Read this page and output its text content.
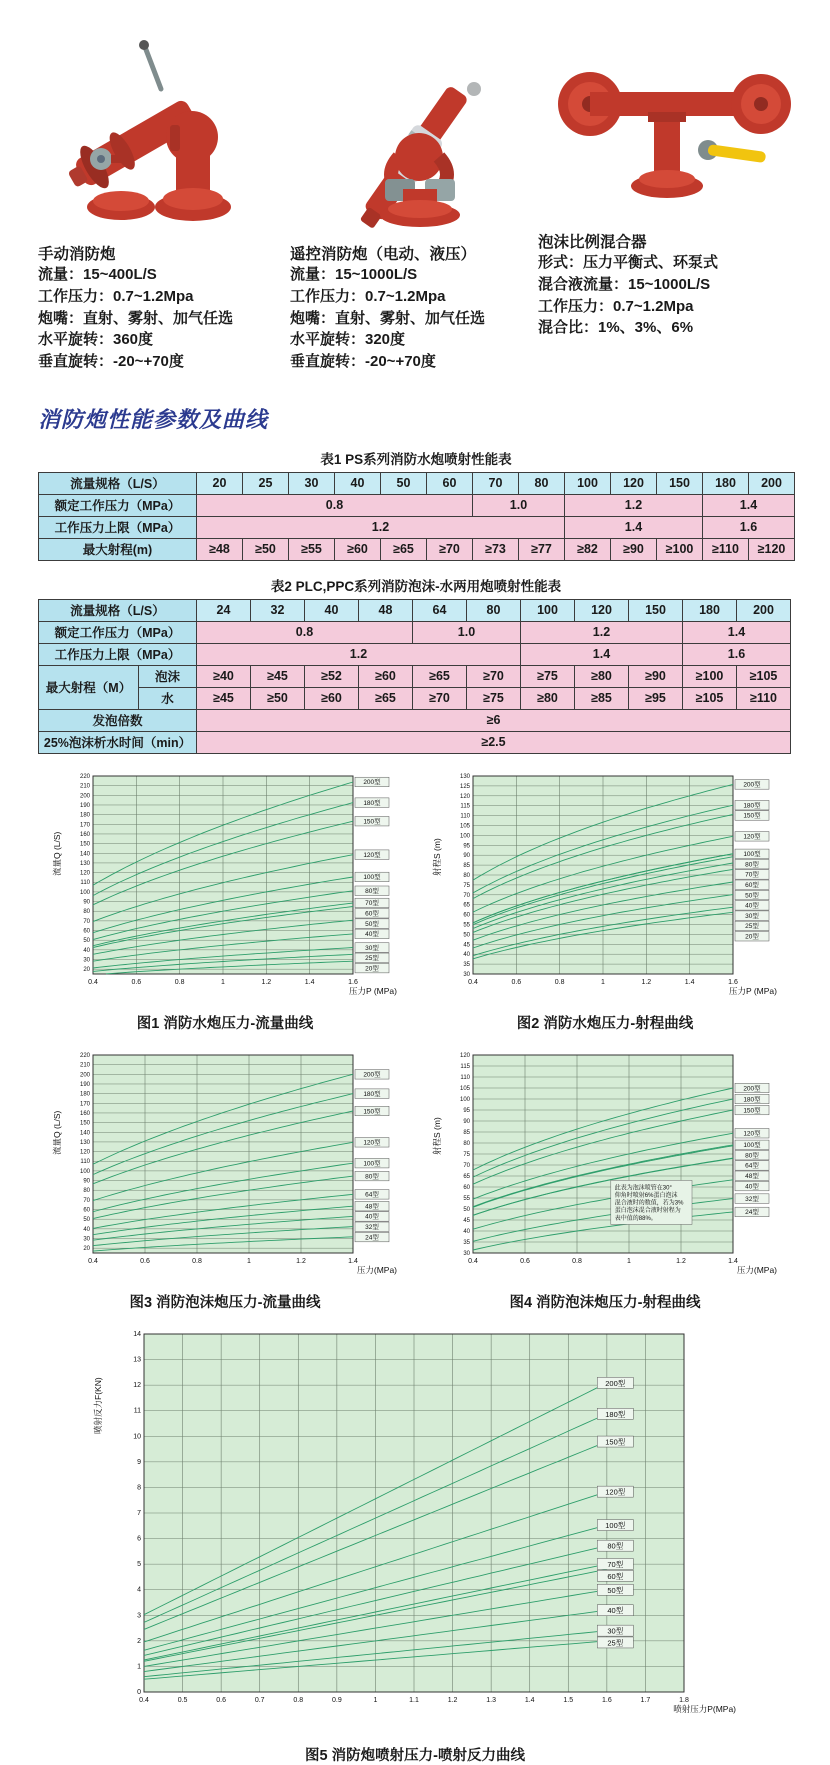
手动消防炮
流量：15~400L/S
工作压力：0.7~1.2Mpa
炮嘴：直射、雾射、加气任选
水平旋转：360度
垂直旋转：-20~+70度
遥控消防炮（电动、液压）
流量：15~1000L/S
工作压力：0.7~1.2Mpa
炮嘴：直射、雾射、加气任选
水平旋转：320度
垂直旋转：-20~+70度
泡沫比例混合器
形式：压力平衡式、环泵式
混合液流量：15~1000L/S
工作压力：0.7~1.2Mpa
混合比：1%、3%、6%
消防炮性能参数及曲线
表1 PS系列消防水炮喷射性能表
流量规格（L/S）	20	25	30	40	50	60	70	80	100	120	150	180	200
额定工作压力（MPa）	0.8						1.0		1.2			1.4	
工作压力上限（MPa）	1.2								1.4			1.6	
最大射程(m)	≥48	≥50	≥55	≥60	≥65	≥70	≥73	≥77	≥82	≥90	≥100	≥110	≥120
表2 PLC,PPC系列消防泡沫-水两用炮喷射性能表
流量规格（L/S）		24	32	40	48	64	80	100	120	150	180	200
额定工作压力（MPa）		0.8				1.0		1.2			1.4	
工作压力上限（MPa）		1.2						1.4			1.6	
最大射程（M）	泡沫	≥40	≥45	≥52	≥60	≥65	≥70	≥75	≥80	≥90	≥100	≥105
	水	≥45	≥50	≥60	≥65	≥70	≥75	≥80	≥85	≥95	≥105	≥110
发泡倍数		≥6										
25%泡沫析水时间（min）		≥2.5										
0.4	0.6	0.8	1	1.2	1.4	1.6
20
30
40
50
60
70
80
90
100
110
120
130
140
150
160
170
180
190
200
210
220
200型
180型
150型
120型
100型
80型
70型
60型
50型
40型
30型
25型
20型
压力P (MPa)
流量Q (L/S)
图1 消防水炮压力-流量曲线
0.4	0.6	0.8	1	1.2	1.4	1.6
30
35
40
45
50
55
60
65
70
75
80
85
90
95
100
105
110
115
120
125
130
200型
180型
150型
120型
100型
80型
70型
60型
50型
40型
30型
25型
20型
压力P (MPa)
射程S (m)
图2 消防水炮压力-射程曲线
0.4	0.6	0.8	1	1.2	1.4
20
30
40
50
60
70
80
90
100
110
120
130
140
150
160
170
180
190
200
210
220
200型
180型
150型
120型
100型
80型
64型
48型
40型
32型
24型
压力(MPa)
流量Q (L/S)
图3 消防泡沫炮压力-流量曲线
0.4	0.6	0.8	1	1.2	1.4
30
35
40
45
50
55
60
65
70
75
80
85
90
95
100
105
110
115
120
200型
180型
150型
120型
100型
80型
64型
48型
40型
32型
24型
此表为泡沫喷管在30°
仰角时喷射6%蛋白泡沫
混合液时的数值，若为3%
蛋白泡沫混合液时射程为
表中值的88%。
压力(MPa)
射程S (m)
图4 消防泡沫炮压力-射程曲线
0.4	0.5	0.6	0.7	0.8	0.9	1	1.1	1.2	1.3	1.4	1.5	1.6	1.7	1.8
0
1
2
3
4
5
6
7
8
9
10
11
12
13
14
200型
180型
150型
120型
100型
80型
70型
60型
50型
40型
30型
25型
喷射压力P(MPa)
喷射反力F(KN)
图5 消防炮喷射压力-喷射反力曲线
